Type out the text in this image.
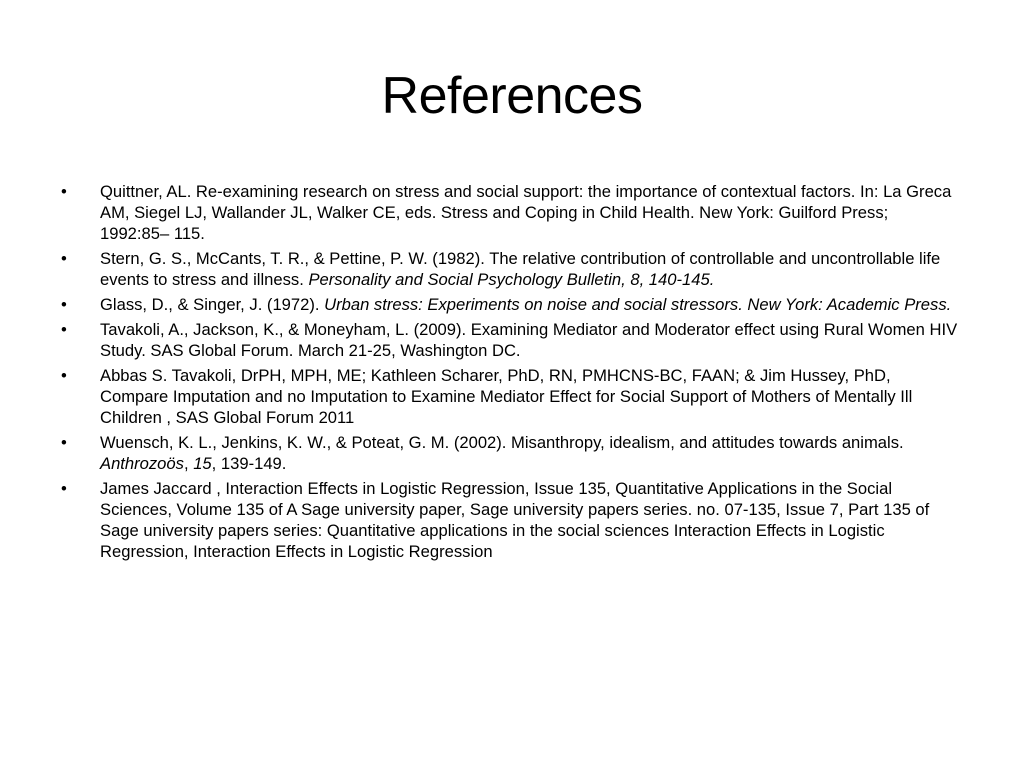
References
•	Quittner, AL. Re-examining research on stress and social support: the importance of contextual factors. In: La Greca AM, Siegel LJ, Wallander JL, Walker CE, eds. Stress and Coping in Child Health. New York: Guilford Press; 1992:85– 115.
•	Stern, G. S., McCants, T. R., & Pettine, P. W. (1982). The relative contribution of controllable and uncontrollable life events to stress and illness. Personality and Social Psychology Bulletin, 8, 140-145.
•	Glass, D., & Singer, J. (1972). Urban stress: Experiments on noise and social stressors. New York: Academic Press.
•	Tavakoli, A., Jackson, K., & Moneyham, L. (2009). Examining Mediator and Moderator effect using Rural Women HIV Study. SAS Global Forum. March 21-25, Washington DC.
•	Abbas S. Tavakoli, DrPH, MPH, ME; Kathleen Scharer, PhD, RN, PMHCNS-BC, FAAN; & Jim Hussey, PhD, Compare Imputation and no Imputation to Examine Mediator Effect for Social Support of Mothers of Mentally Ill Children , SAS Global Forum 2011
•	Wuensch, K. L., Jenkins, K. W., & Poteat, G. M. (2002). Misanthropy, idealism, and attitudes towards animals. Anthrozoös, 15, 139-149.
•	James Jaccard , Interaction Effects in Logistic Regression, Issue 135, Quantitative Applications in the Social Sciences, Volume 135 of A Sage university paper, Sage university papers series. no. 07-135, Issue 7, Part 135 of Sage university papers series: Quantitative applications in the social sciences Interaction Effects in Logistic Regression, Interaction Effects in Logistic Regression
